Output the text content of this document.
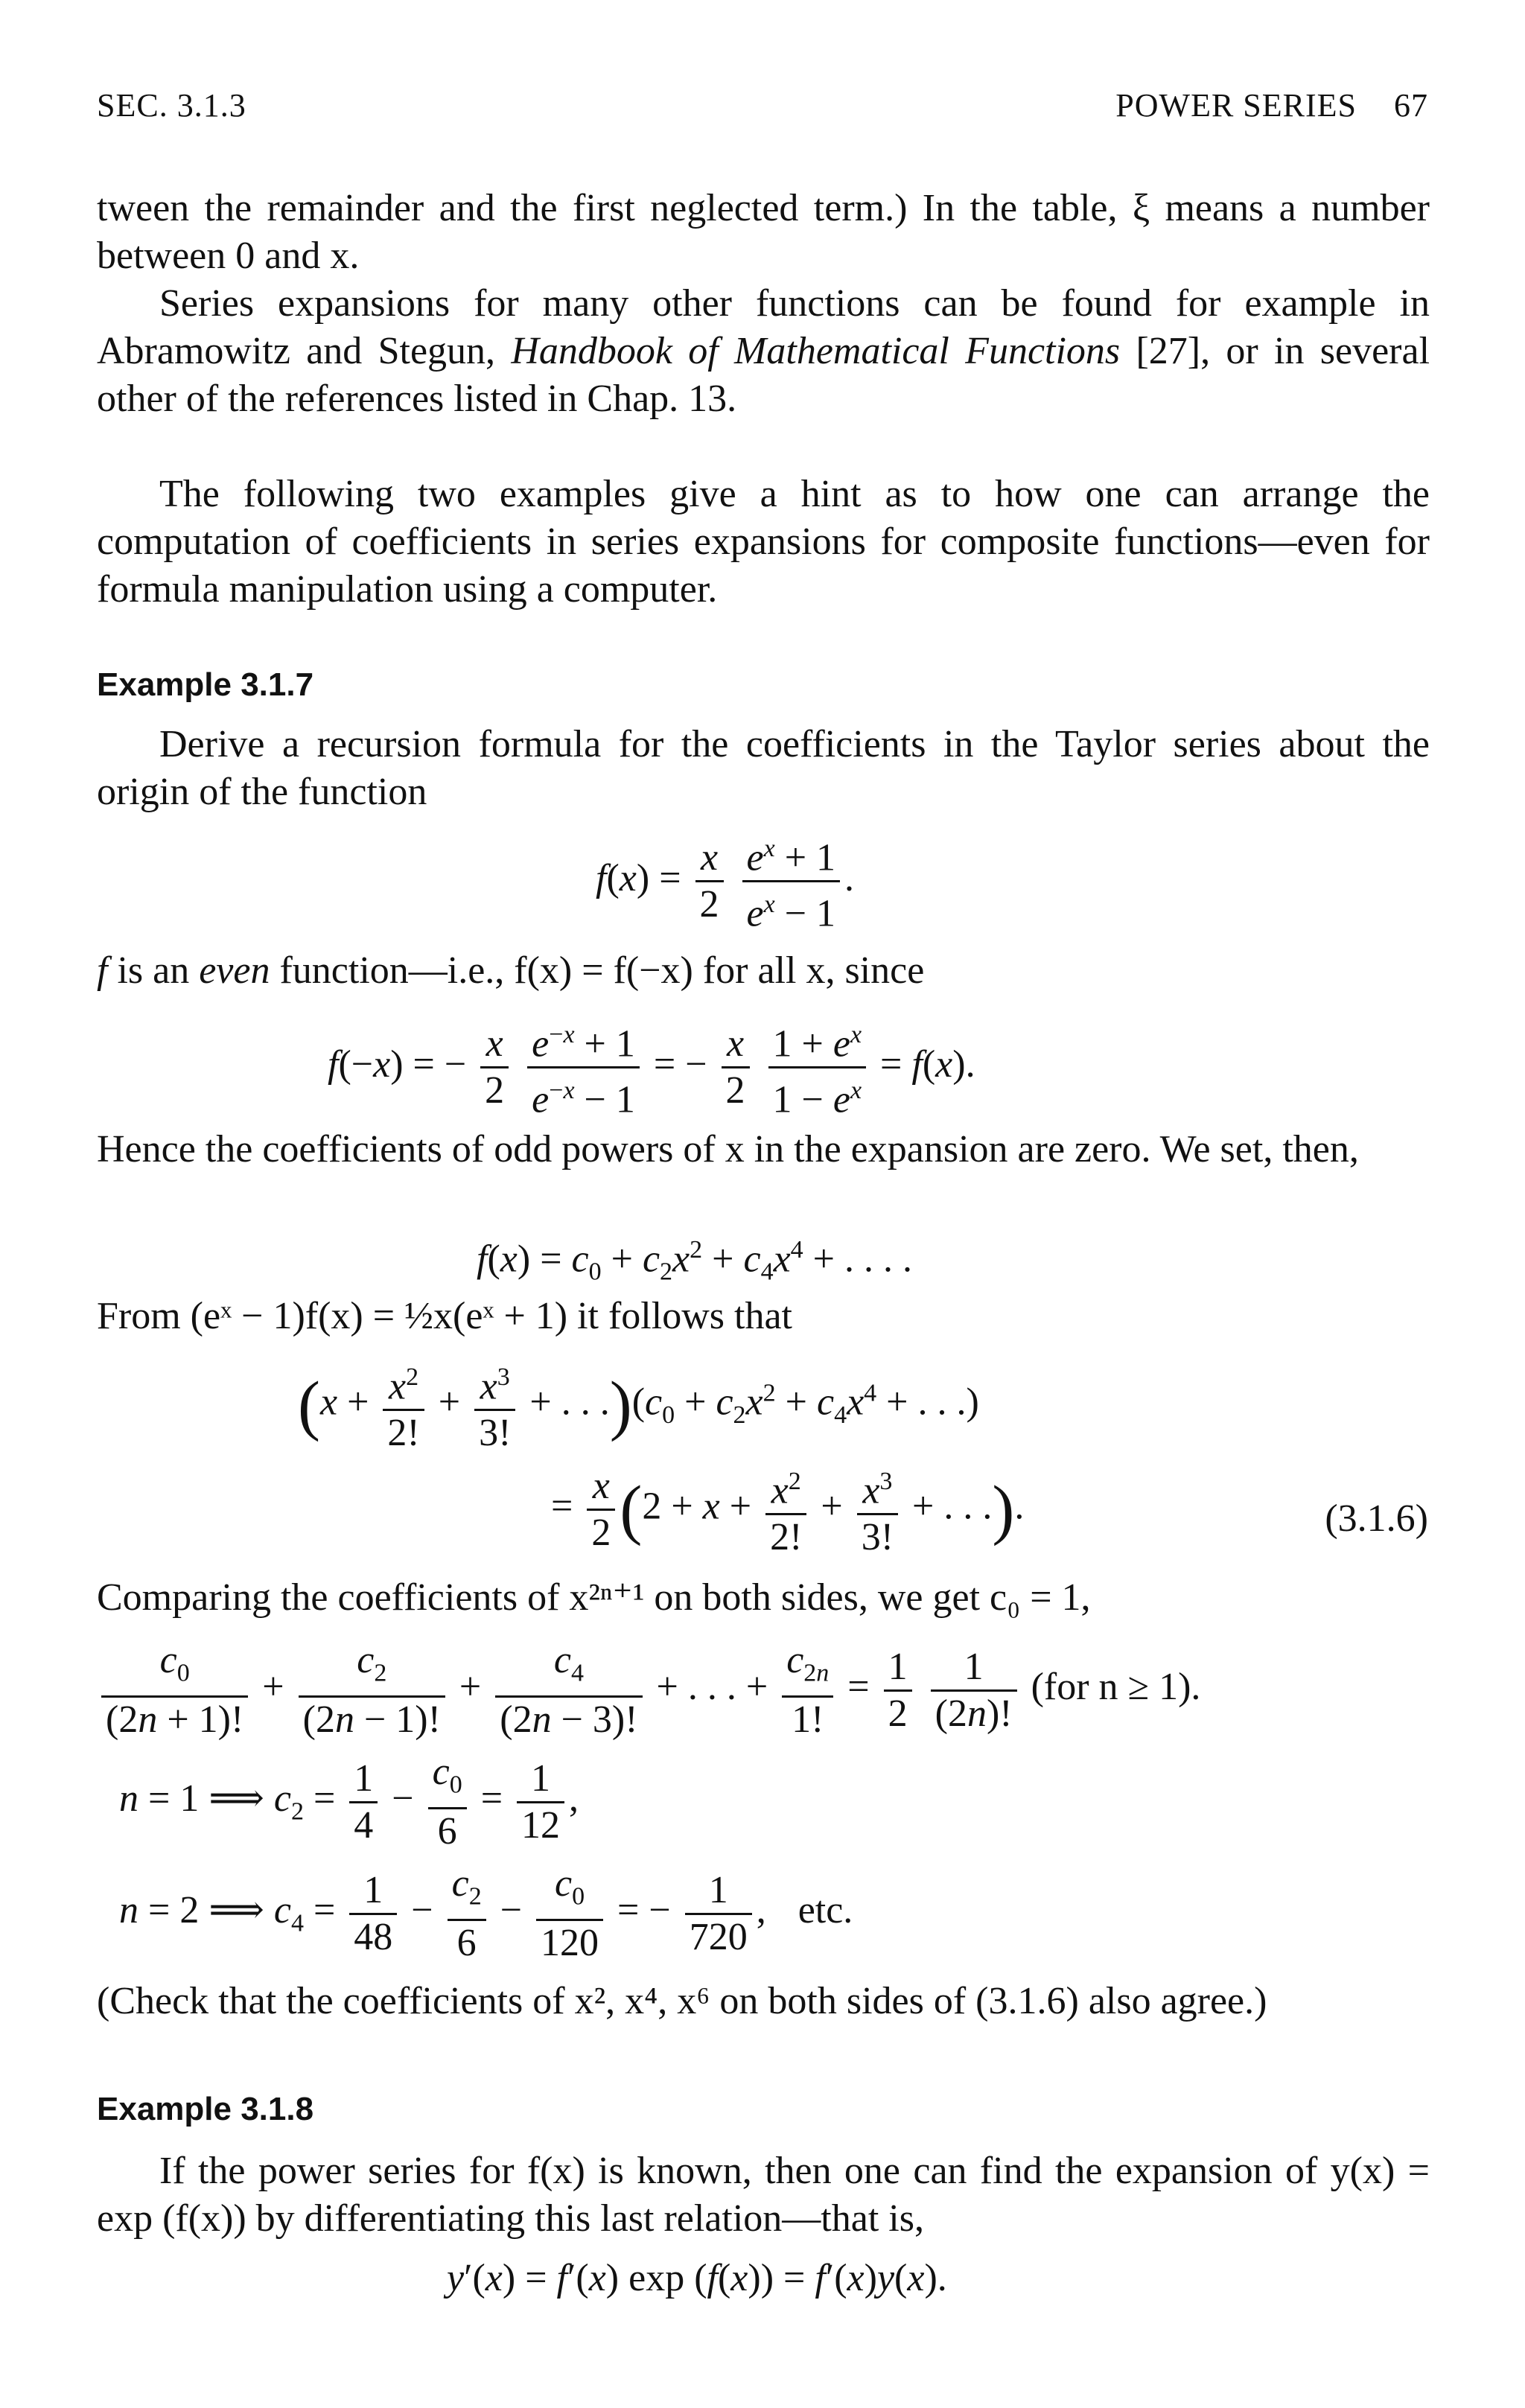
SEC. 3.1.3	POWER SERIES 67
tween the remainder and the first neglected term.) In the table, ξ means a number between 0 and x.
Series expansions for many other functions can be found for example in Abramowitz and Stegun, Handbook of Mathematical Functions [27], or in several other of the references listed in Chap. 13.
The following two examples give a hint as to how one can arrange the computation of coefficients in series expansions for composite functions—even for formula manipulation using a computer.
Example 3.1.7
Derive a recursion formula for the coefficients in the Taylor series about the origin of the function
$f(x) = \frac{x}{2}$
$\frac{e^x + 1}{e^x - 1}$ .
f is an even function—i.e., f(x) = f(−x) for all x, since
f(−x) = − $\frac{x}{2}$
$\frac{e^{-x} + 1}{e^{-x} - 1}$ = − $\frac{x}{2}$
$\frac{1 + e^x}{1 - e^x} = f(x)$.
Hence the coefficients of odd powers of x in the expansion are zero. We set, then,
$f(x) = c_0 + c_2x^2 + c_4x^4$ + . . . .
From (eˣ − 1)f(x) = ½x(eˣ + 1) it follows that
($x + \frac{x^2}{2!} + \frac{x^3}{3!}$ + . . $.)(c_0 + c_2x^2 + c_4x^4$ + . . .)
= $\frac{x}{2} (2 + x + \frac{x^2}{2!} + \frac{x^3}{3!}$ + . . .).	(3.1.6)
Comparing the coefficients of x²ⁿ⁺¹ on both sides, we get c₀ = 1,
$\frac{c_0}{(2n + 1)!} + \frac{c_2}{(2n - 1)!} + \frac{c_4}{(2n - 3)!}$ + . . . + $\frac{c_{2n}}{1!} = \frac{1}{2}$
$\frac{1}{(2n)!} (for$ n ≥ 1).
n = 1 ⟹ $c_2 = \frac{1}{4} - \frac{c_0}{6} = \frac{1}{12}$ ,
n = 2 ⟹ $c_4 = \frac{1}{48} - \frac{c_2}{6} - \frac{c_0}{120}$ = − $\frac{1}{720}$ , etc.
(Check that the coefficients of x², x⁴, x⁶ on both sides of (3.1.6) also agree.)
Example 3.1.8
If the power series for f(x) is known, then one can find the expansion of y(x) = exp (f(x)) by differentiating this last relation—that is,
y′(x) = f′(x) exp (f(x)) = f′(x)y(x).
